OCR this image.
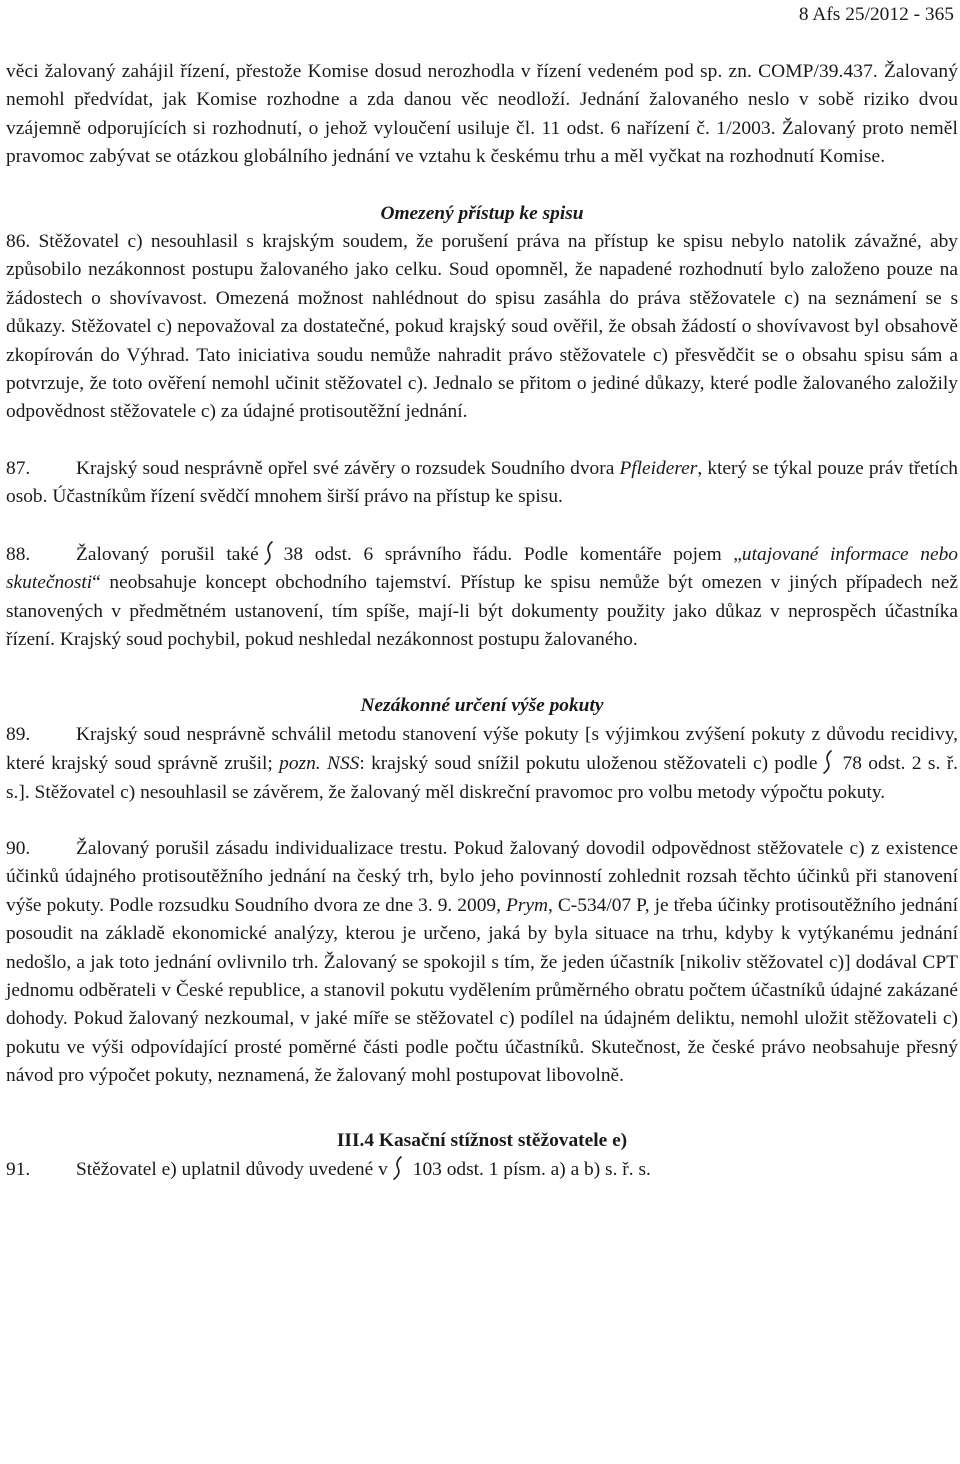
8 Afs 25/2012 - 365

věci žalovaný zahájil řízení, přestože Komise dosud nerozhodla v řízení vedeném pod sp. zn. COMP/39.437. Žalovaný nemohl předvídat, jak Komise rozhodne a zda danou věc neodloží. Jednání žalovaného neslo v sobě riziko dvou vzájemně odporujících si rozhodnutí, o jehož vyloučení usiluje čl. 11 odst. 6 nařízení č. 1/2003. Žalovaný proto neměl pravomoc zabývat se otázkou globálního jednání ve vztahu k českému trhu a měl vyčkat na rozhodnutí Komise.

Omezený přístup ke spisu

86. Stěžovatel c) nesouhlasil s krajským soudem, že porušení práva na přístup ke spisu nebylo natolik závažné, aby způsobilo nezákonnost postupu žalovaného jako celku. Soud opomněl, že napadené rozhodnutí bylo založeno pouze na žádostech o shovívavost. Omezená možnost nahlédnout do spisu zasáhla do práva stěžovatele c) na seznámení se s důkazy. Stěžovatel c) nepovažoval za dostatečné, pokud krajský soud ověřil, že obsah žádostí o shovívavost byl obsahově zkopírován do Výhrad. Tato iniciativa soudu nemůže nahradit právo stěžovatele c) přesvědčit se o obsahu spisu sám a potvrzuje, že toto ověření nemohl učinit stěžovatel c). Jednalo se přitom o jediné důkazy, které podle žalovaného založily odpovědnost stěžovatele c) za údajné protisoutěžní jednání.

87. Krajský soud nesprávně opřel své závěry o rozsudek Soudního dvora Pfleiderer, který se týkal pouze práv třetích osob. Účastníkům řízení svědčí mnohem širší právo na přístup ke spisu.

88. Žalovaný porušil také 38 odst. 6 správního řádu. Podle komentáře pojem „utajované informace nebo skutečnosti“ neobsahuje koncept obchodního tajemství. Přístup ke spisu nemůže být omezen v jiných případech než stanovených v předmětném ustanovení, tím spíše, mají-li být dokumenty použity jako důkaz v neprospěch účastníka řízení. Krajský soud pochybil, pokud neshledal nezákonnost postupu žalovaného.

Nezákonné určení výše pokuty

89. Krajský soud nesprávně schválil metodu stanovení výše pokuty [s výjimkou zvýšení pokuty z důvodu recidivy, které krajský soud správně zrušil; pozn. NSS: krajský soud snížil pokutu uloženou stěžovateli c) podle 78 odst. 2 s. ř. s.]. Stěžovatel c) nesouhlasil se závěrem, že žalovaný měl diskreční pravomoc pro volbu metody výpočtu pokuty.

90. Žalovaný porušil zásadu individualizace trestu. Pokud žalovaný dovodil odpovědnost stěžovatele c) z existence účinků údajného protisoutěžního jednání na český trh, bylo jeho povinností zohlednit rozsah těchto účinků při stanovení výše pokuty. Podle rozsudku Soudního dvora ze dne 3. 9. 2009, Prym, C-534/07 P, je třeba účinky protisoutěžního jednání posoudit na základě ekonomické analýzy, kterou je určeno, jaká by byla situace na trhu, kdyby k vytýkanému jednání nedošlo, a jak toto jednání ovlivnilo trh. Žalovaný se spokojil s tím, že jeden účastník [nikoliv stěžovatel c)] dodával CPT jednomu odběrateli v České republice, a stanovil pokutu vydělením průměrného obratu počtem účastníků údajné zakázané dohody. Pokud žalovaný nezkoumal, v jaké míře se stěžovatel c) podílel na údajném deliktu, nemohl uložit stěžovateli c) pokutu ve výši odpovídající prosté poměrné části podle počtu účastníků. Skutečnost, že české právo neobsahuje přesný návod pro výpočet pokuty, neznamená, že žalovaný mohl postupovat libovolně.

III.4 Kasační stížnost stěžovatele e)

91. Stěžovatel e) uplatnil důvody uvedené v 103 odst. 1 písm. a) a b) s. ř. s.
